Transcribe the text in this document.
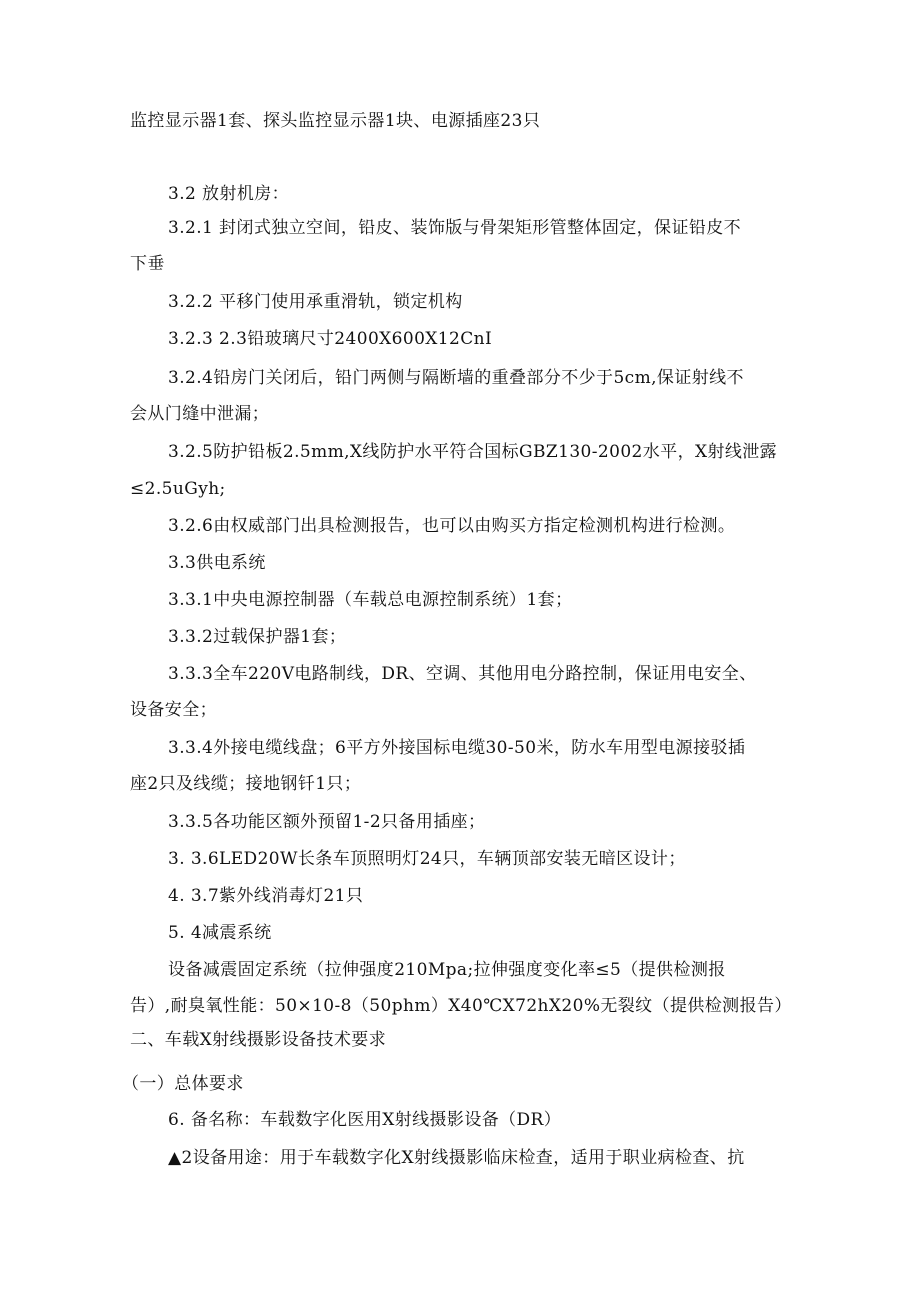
监控显示器1套、探头监控显示器1块、电源插座23只
3.2 放射机房：
3.2.1 封闭式独立空间，铅皮、装饰版与骨架矩形管整体固定，保证铅皮不
下垂
3.2.2 平移门使用承重滑轨，锁定机构
3.2.3 2.3铅玻璃尺寸2400X600X12CnI
3.2.4铅房门关闭后，铅门两侧与隔断墙的重叠部分不少于5cm,保证射线不
会从门缝中泄漏；
3.2.5防护铅板2.5mm,X线防护水平符合国标GBZ130-2002水平，X射线泄露
≤2.5uGyh;
3.2.6由权威部门出具检测报告，也可以由购买方指定检测机构进行检测。
3.3供电系统
3.3.1中央电源控制器（车载总电源控制系统）1套；
3.3.2过载保护器1套；
3.3.3全车220V电路制线，DR、空调、其他用电分路控制，保证用电安全、
设备安全；
3.3.4外接电缆线盘；6平方外接国标电缆30-50米，防水车用型电源接驳插
座2只及线缆；接地钢钎1只；
3.3.5各功能区额外预留1-2只备用插座；
3. 3.6LED20W长条车顶照明灯24只，车辆顶部安装无暗区设计；
4. 3.7紫外线消毒灯21只
5. 4减震系统
设备减震固定系统（拉伸强度210Mpa;拉伸强度变化率≤5（提供检测报
告）,耐臭氧性能：50×10-8（50phm）X40℃X72hX20%无裂纹（提供检测报告）
二、车载X射线摄影设备技术要求
（一）总体要求
6. 备名称：车载数字化医用X射线摄影设备（DR）
▲2设备用途：用于车载数字化X射线摄影临床检查，适用于职业病检查、抗
